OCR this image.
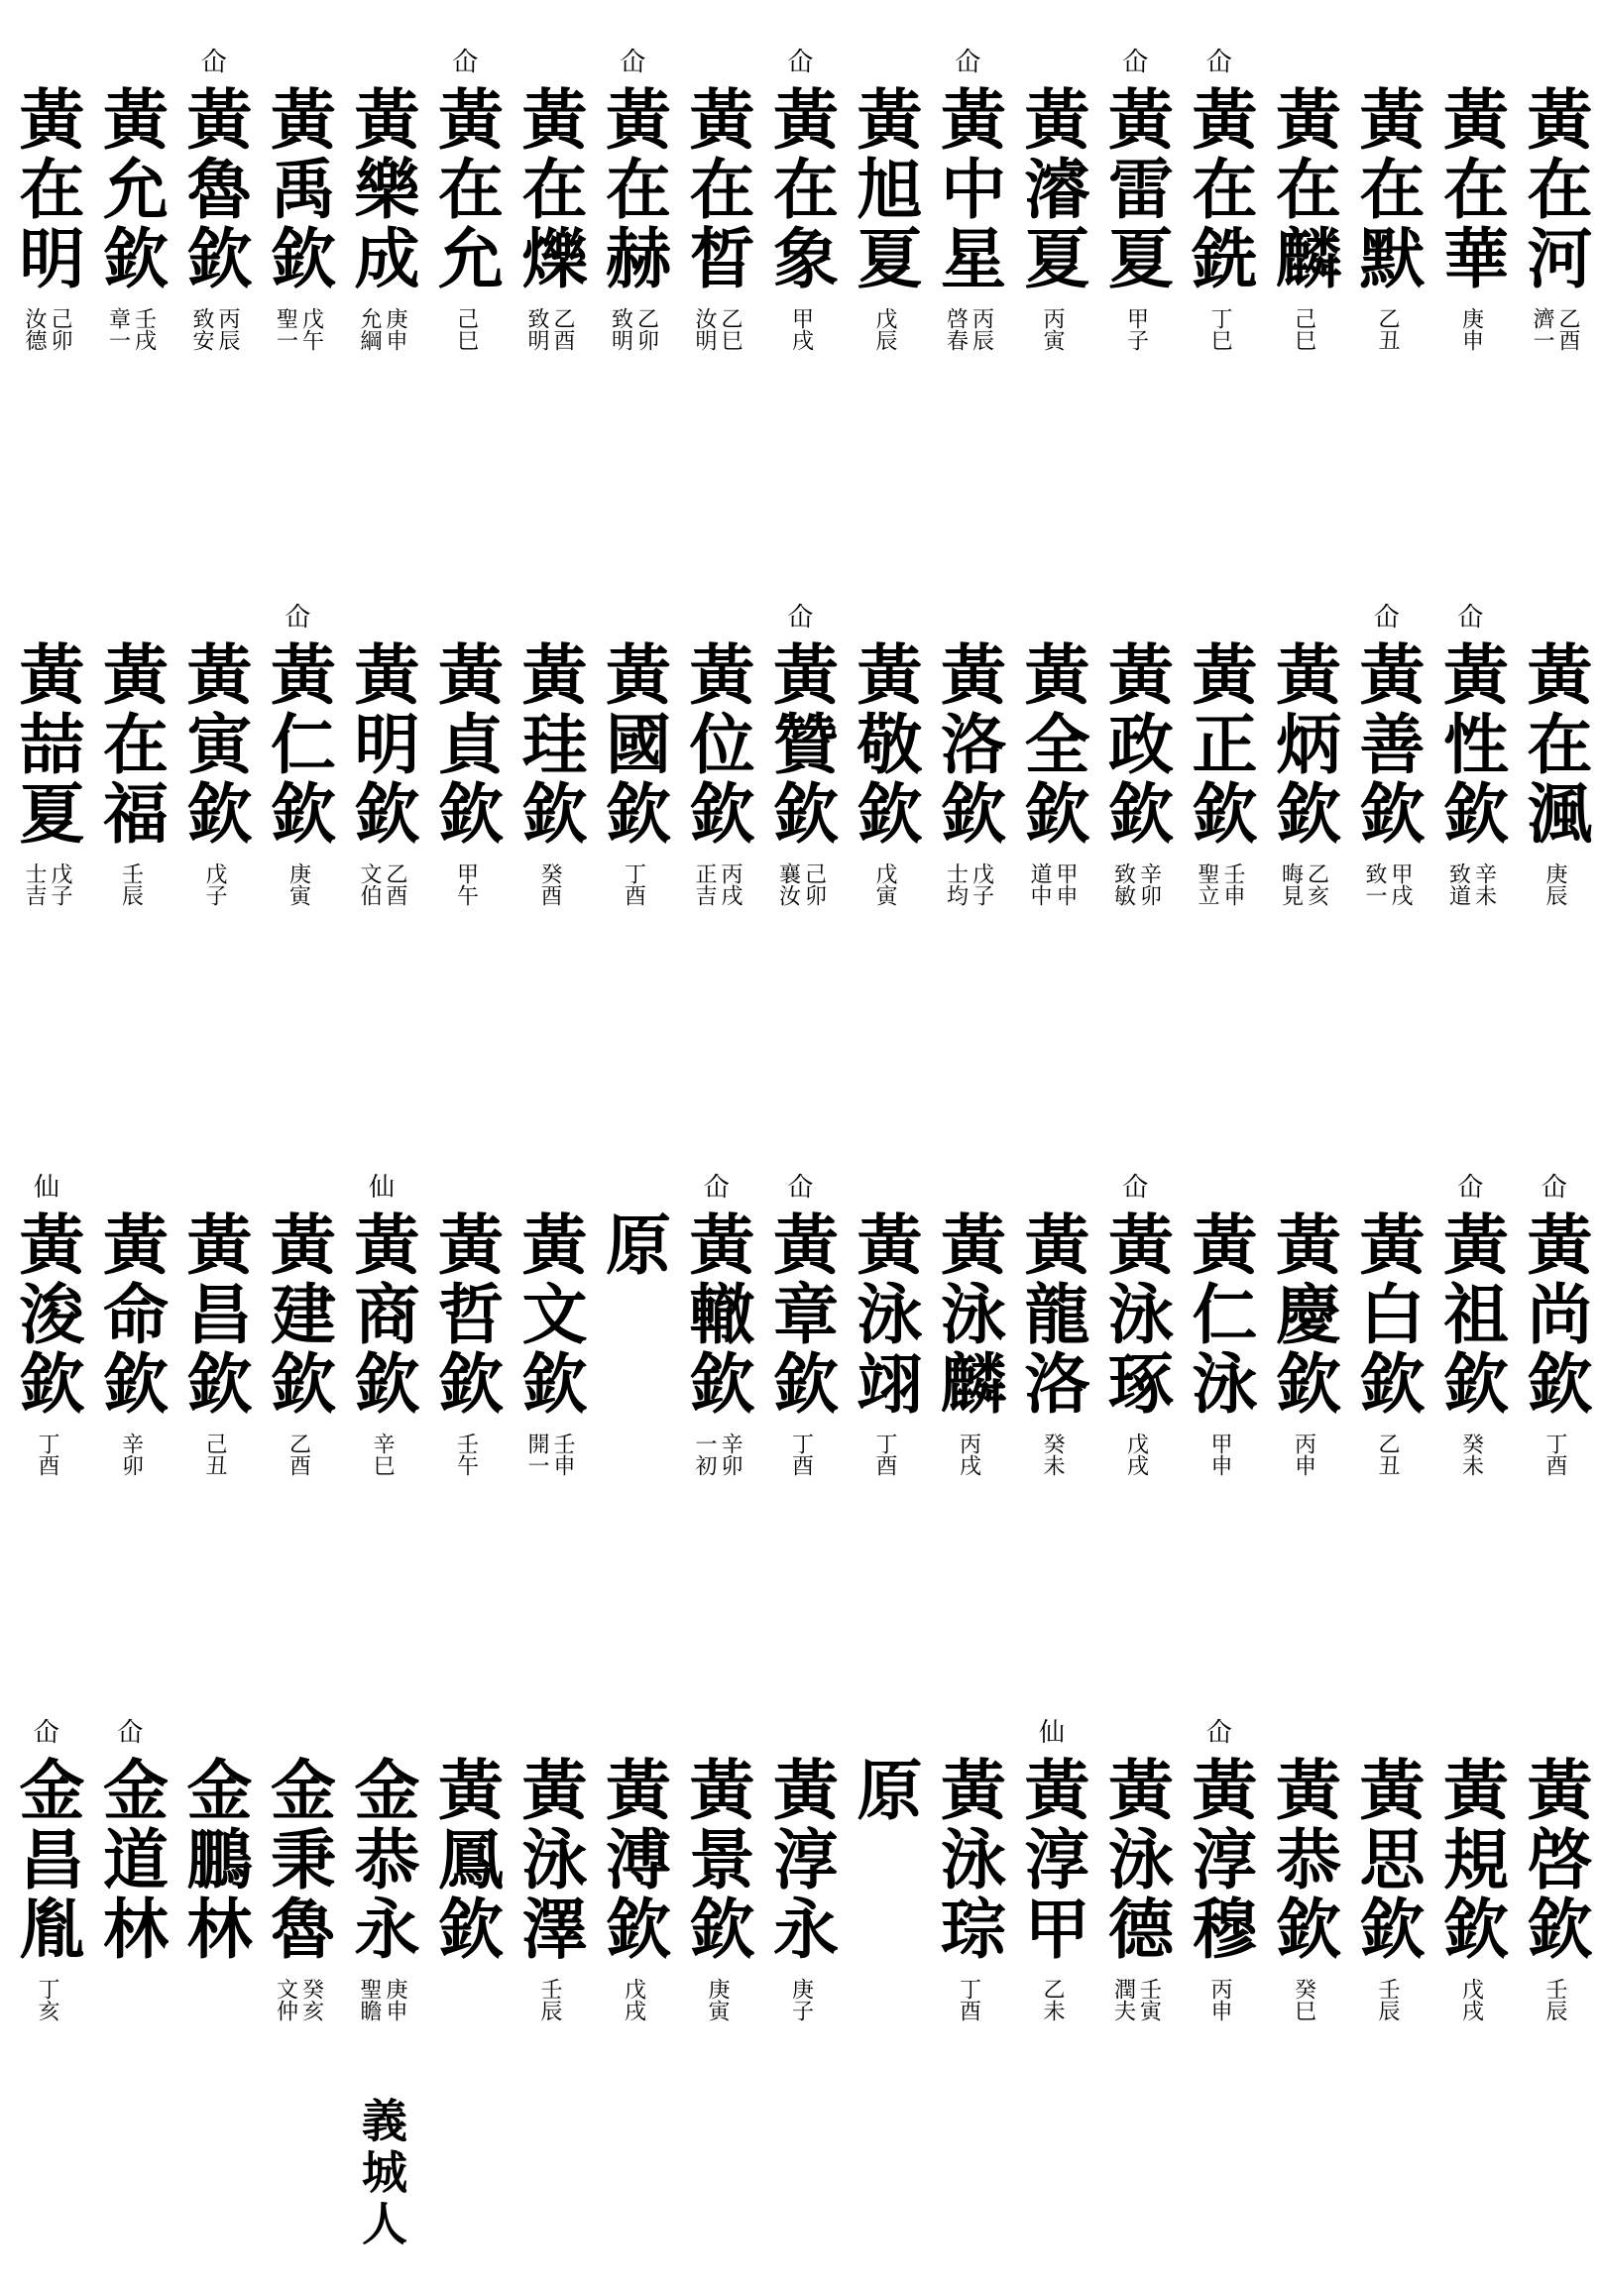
黃在河
乙酉
濟一
黃在華
庚申
黃在默
乙丑
黃在麟
己巳
仚
黃在銑
丁巳
仚
黃雷夏
甲子
黃濬夏
丙寅
仚
黃中星
丙辰
啓春
黃旭夏
戊辰
仚
黃在象
甲戌
黃在晳
乙巳
汝明
仚
黃在赫
乙卯
致明
黃在爍
乙酉
致明
仚
黃在允
己巳
黃樂成
庚申
允綱
黃禹欽
戊午
聖一
仚
黃魯欽
丙辰
致安
黃允欽
壬戌
章一
黃在明
己卯
汝德
黃在渢
庚辰
仚
黃性欽
辛未
致道
仚
黃善欽
甲戌
致一
黃炳欽
乙亥
晦見
黃正欽
壬申
聖立
黃政欽
辛卯
致敏
黃全欽
甲申
道中
黃洛欽
戊子
士均
黃敬欽
戊寅
仚
黃贊欽
己卯
襄汝
黃位欽
丙戌
正吉
黃國欽
丁酉
黃珪欽
癸酉
黃貞欽
甲午
黃明欽
乙酉
文伯
仚
黃仁欽
庚寅
黃寅欽
戊子
黃在福
壬辰
黃喆夏
戊子
士吉
仚
黃尚欽
丁酉
仚
黃祖欽
癸未
黃白欽
乙丑
黃慶欽
丙申
黃仁泳
甲申
仚
黃泳琢
戊戌
黃龍洛
癸未
黃泳麟
丙戌
黃泳翊
丁酉
仚
黃章欽
丁酉
仚
黃轍欽
辛卯
一初
原
黃文欽
壬申
開一
黃哲欽
壬午
仙
黃商欽
辛巳
黃建欽
乙酉
黃昌欽
己丑
黃命欽
辛卯
仙
黃浚欽
丁酉
黃啓欽
壬辰
黃規欽
戊戌
黃思欽
壬辰
黃恭欽
癸巳
仚
黃淳穆
丙申
黃泳德
壬寅
潤夫
仙
黃淳甲
乙未
黃泳琮
丁酉
原
黃淳永
庚子
黃景欽
庚寅
黃溥欽
戊戌
黃泳澤
壬辰
黃鳳欽
金恭永
庚申
聖瞻
義城人
金秉魯
癸亥
文仲
金鵬林
仚
金道林
仚
金昌胤
丁亥
